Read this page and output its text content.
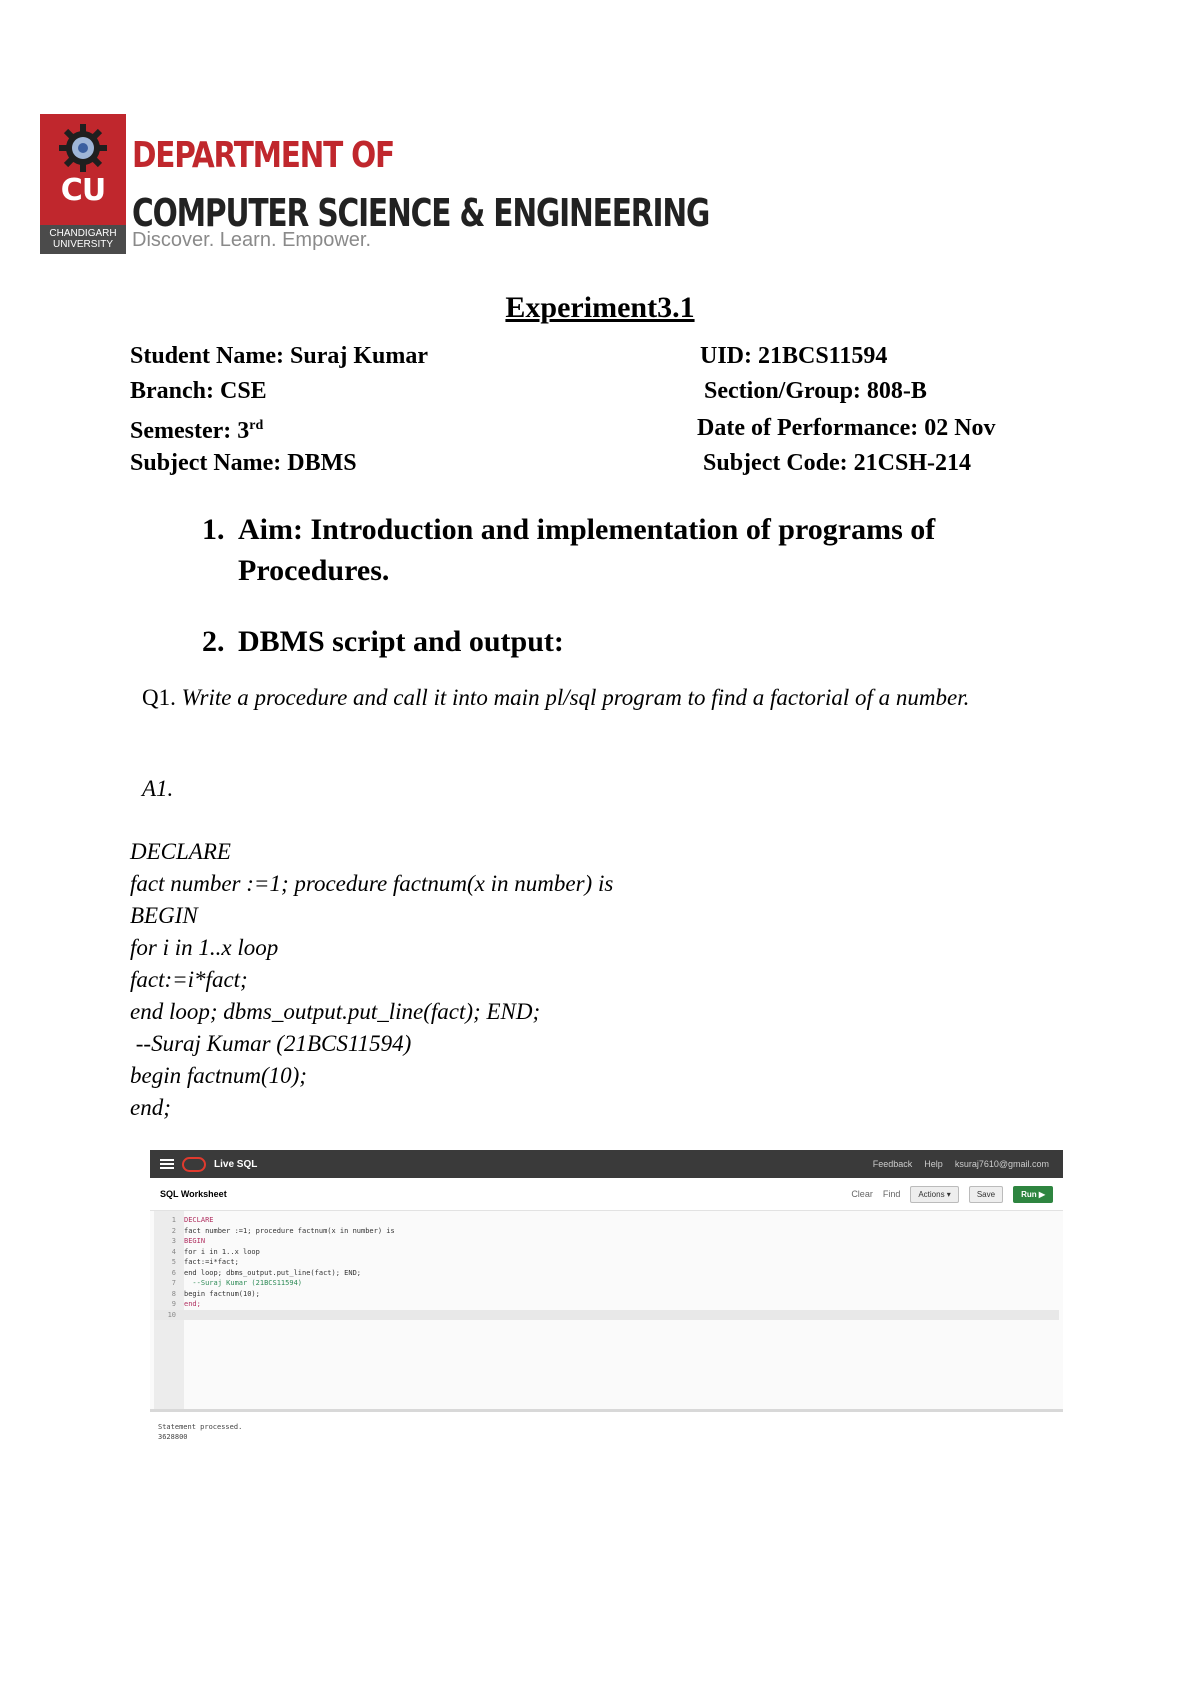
CU
CHANDIGARH
UNIVERSITY
DEPARTMENT OF
COMPUTER SCIENCE & ENGINEERING
Discover. Learn. Empower.
Experiment3.1
Student Name: Suraj Kumar	UID: 21BCS11594
Branch: CSE	Section/Group: 808-B
Semester: 3rd	Date of Performance: 02 Nov
Subject Name: DBMS	Subject Code: 21CSH-214
1. Aim: Introduction and implementation of programs of
Procedures.
2. DBMS script and output:
Q1. Write a procedure and call it into main pl/sql program to find a factorial of a number.
A1.
DECLARE
fact number :=1; procedure factnum(x in number) is
BEGIN
for i in 1..x loop
fact:=i*fact;
end loop; dbms_output.put_line(fact); END;
--Suraj Kumar (21BCS11594)
begin factnum(10);
end;
Live SQL	Feedback Help ksuraj7610@gmail.com
SQL Worksheet	Clear Find	Actions ▾	Save	Run ▶
1	DECLARE
2	fact number :=1; procedure factnum(x in number) is
3	BEGIN
4	for i in 1..x loop
5	fact:=i*fact;
6	end loop; dbms_output.put_line(fact); END;
7	--Suraj Kumar (21BCS11594)
8	begin factnum(10);
9	end;
10
Statement processed.
3628800
